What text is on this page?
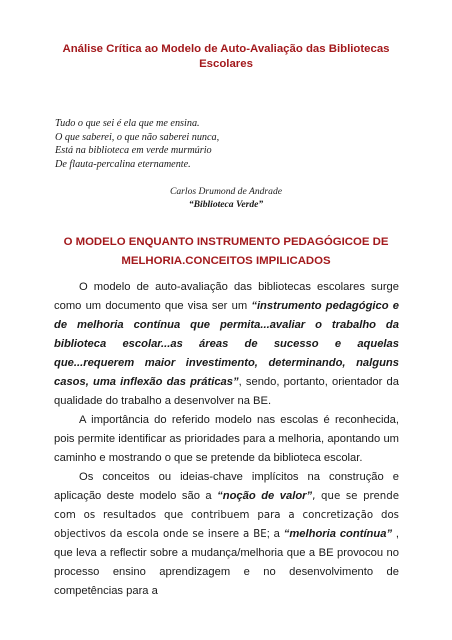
Análise Crítica ao Modelo de Auto-Avaliação das Bibliotecas
Escolares
Tudo o que sei é ela que me ensina.
O que saberei, o que não saberei nunca,
Está na biblioteca em verde murmúrio
De flauta-percalina eternamente.
Carlos Drumond de Andrade
“Biblioteca Verde”
O MODELO ENQUANTO INSTRUMENTO PEDAGÓGICOE DE
MELHORIA.CONCEITOS IMPILICADOS

O modelo de auto-avaliação das bibliotecas escolares surge como um documento que visa ser um “instrumento pedagógico e de melhoria contínua que permita...avaliar o trabalho da biblioteca escolar...as áreas de sucesso e aquelas que...requerem maior investimento, determinando, nalguns casos, uma inflexão das práticas”, sendo, portanto, orientador da qualidade do trabalho a desenvolver na BE.

A importância do referido modelo nas escolas é reconhecida, pois permite identificar as prioridades para a melhoria, apontando um caminho e mostrando o que se pretende da biblioteca escolar.

Os conceitos ou ideias-chave implícitos na construção e aplicação deste modelo são a “noção de valor”, que se prende com os resultados que contribuem para a concretização dos objectivos da escola onde se insere a BE; a “melhoria contínua” , que leva a reflectir sobre a mudança/melhoria que a BE provocou no processo ensino aprendizagem e no desenvolvimento de competências para a
